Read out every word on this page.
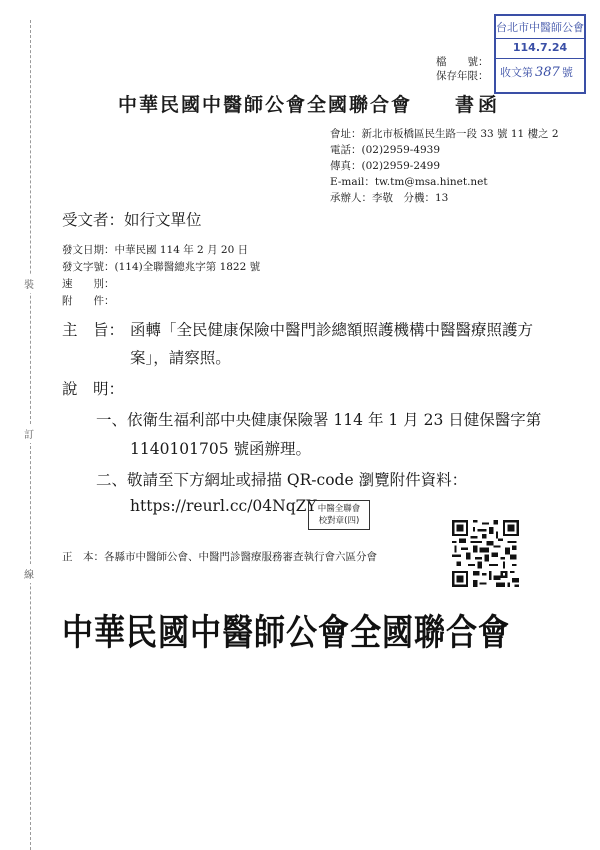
裝
訂
線
台北市中醫師公會
114.7.24
收文第 387 號
檔　　號：
保存年限：
中華民國中醫師公會全國聯合會 書函
會址：新北市板橋區民生路一段 33 號 11 樓之 2
電話：(02)2959-4939
傳真：(02)2959-2499
E-mail：tw.tm@msa.hinet.net
承辦人：李敬　分機：13
受文者：如行文單位
發文日期：中華民國 114 年 2 月 20 日
發文字號：(114)全聯醫總兆字第 1822 號
速　　別：
附　　件：
主　旨： 函轉「全民健康保險中醫門診總額照護機構中醫醫療照護方
案」，請察照。
說　明：
一、依衛生福利部中央健康保險署 114 年 1 月 23 日健保醫字第
1140101705 號函辦理。
二、敬請至下方網址或掃描 QR-code 瀏覽附件資料：
https://reurl.cc/04NqZY 中醫全聯會
校對章(四)
正　本：各縣市中醫師公會、中醫門診醫療服務審查執行會六區分會
中華民國中醫師公會全國聯合會
